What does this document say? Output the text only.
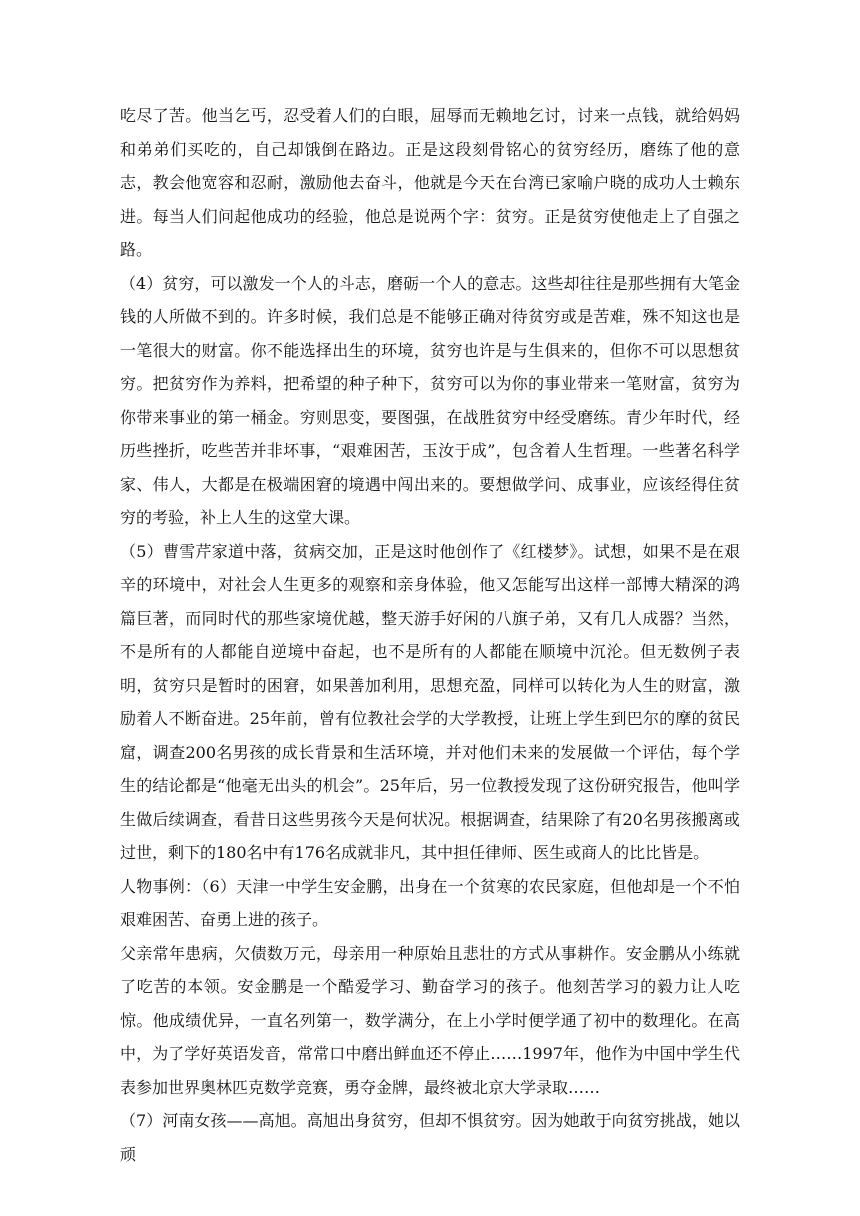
吃尽了苦。他当乞丐，忍受着人们的白眼，屈辱而无赖地乞讨，讨来一点钱，就给妈妈和弟弟们买吃的，自己却饿倒在路边。正是这段刻骨铭心的贫穷经历，磨练了他的意志，教会他宽容和忍耐，激励他去奋斗，他就是今天在台湾已家喻户晓的成功人士赖东进。每当人们问起他成功的经验，他总是说两个字：贫穷。正是贫穷使他走上了自强之路。

（4）贫穷，可以激发一个人的斗志，磨砺一个人的意志。这些却往往是那些拥有大笔金钱的人所做不到的。许多时候，我们总是不能够正确对待贫穷或是苦难，殊不知这也是一笔很大的财富。你不能选择出生的环境，贫穷也许是与生俱来的，但你不可以思想贫穷。把贫穷作为养料，把希望的种子种下，贫穷可以为你的事业带来一笔财富，贫穷为你带来事业的第一桶金。穷则思变，要图强，在战胜贫穷中经受磨练。青少年时代，经历些挫折，吃些苦并非坏事，“艰难困苦，玉汝于成”，包含着人生哲理。一些著名科学家、伟人，大都是在极端困窘的境遇中闯出来的。要想做学问、成事业，应该经得住贫穷的考验，补上人生的这堂大课。

（5）曹雪芹家道中落，贫病交加，正是这时他创作了《红楼梦》。试想，如果不是在艰辛的环境中，对社会人生更多的观察和亲身体验，他又怎能写出这样一部博大精深的鸿篇巨著，而同时代的那些家境优越，整天游手好闲的八旗子弟，又有几人成器？当然，不是所有的人都能自逆境中奋起，也不是所有的人都能在顺境中沉沦。但无数例子表明，贫穷只是暂时的困窘，如果善加利用，思想充盈，同样可以转化为人生的财富，激励着人不断奋进。25年前，曾有位教社会学的大学教授，让班上学生到巴尔的摩的贫民窟，调查200名男孩的成长背景和生活环境，并对他们未来的发展做一个评估，每个学生的结论都是“他毫无出头的机会”。25年后，另一位教授发现了这份研究报告，他叫学生做后续调查，看昔日这些男孩今天是何状况。根据调查，结果除了有20名男孩搬离或过世，剩下的180名中有176名成就非凡，其中担任律师、医生或商人的比比皆是。

人物事例：（6）天津一中学生安金鹏，出身在一个贫寒的农民家庭，但他却是一个不怕艰难困苦、奋勇上进的孩子。

父亲常年患病，欠债数万元，母亲用一种原始且悲壮的方式从事耕作。安金鹏从小练就了吃苦的本领。安金鹏是一个酷爱学习、勤奋学习的孩子。他刻苦学习的毅力让人吃惊。他成绩优异，一直名列第一，数学满分，在上小学时便学通了初中的数理化。在高中，为了学好英语发音，常常口中磨出鲜血还不停止……1997年，他作为中国中学生代表参加世界奥林匹克数学竞赛，勇夺金牌，最终被北京大学录取……

（7）河南女孩——高旭。高旭出身贫穷，但却不惧贫穷。因为她敢于向贫穷挑战，她以顽
